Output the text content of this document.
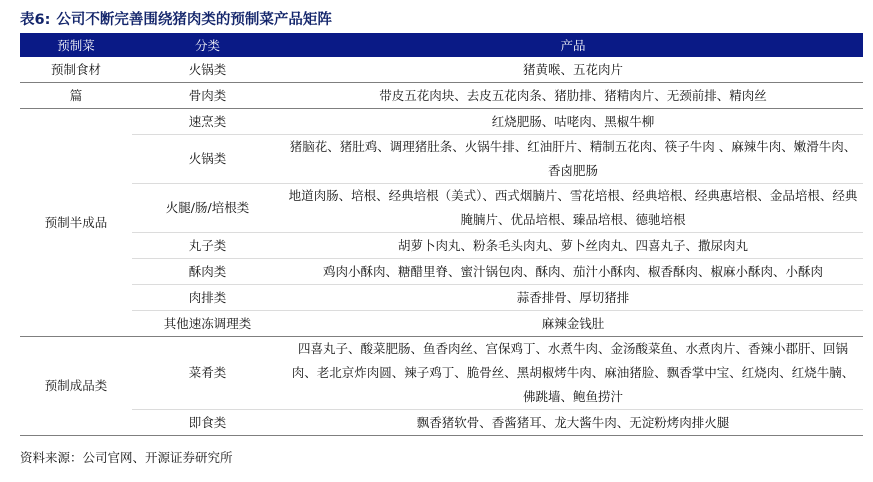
表6: 公司不断完善围绕猪肉类的预制菜产品矩阵
预制菜	分类	产品
预制食材	火锅类	猪黄喉、五花肉片
篇	骨肉类	带皮五花肉块、去皮五花肉条、猪肋排、猪精肉片、无颈前排、精肉丝
预制半成品	速烹类	红烧肥肠、咕咾肉、黑椒牛柳
	火锅类	猪脑花、猪肚鸡、调理猪肚条、火锅牛排、红油肝片、精制五花肉、筷子牛肉 、麻辣牛肉、嫩滑牛肉、香卤肥肠
	火腿/肠/培根类	地道肉肠、培根、经典培根（美式）、西式烟腩片、雪花培根、经典培根、经典惠培根、金品培根、经典腌腩片、优品培根、臻品培根、德驰培根
	丸子类	胡萝卜肉丸、粉条毛头肉丸、萝卜丝肉丸、四喜丸子、撒尿肉丸
	酥肉类	鸡肉小酥肉、糖醋里脊、蜜汁锅包肉、酥肉、茄汁小酥肉、椒香酥肉、椒麻小酥肉、小酥肉
	肉排类	蒜香排骨、厚切猪排
	其他速冻调理类	麻辣金钱肚
预制成品类	菜肴类	四喜丸子、酸菜肥肠、鱼香肉丝、宫保鸡丁、水煮牛肉、金汤酸菜鱼、水煮肉片、香辣小郡肝、回锅肉、老北京炸肉圆、辣子鸡丁、脆骨丝、黑胡椒烤牛肉、麻油猪脸、飘香掌中宝、红烧肉、红烧牛腩、佛跳墙、鲍鱼捞汁
	即食类	飘香猪软骨、香酱猪耳、龙大酱牛肉、无淀粉烤肉排火腿
资料来源：公司官网、开源证券研究所
